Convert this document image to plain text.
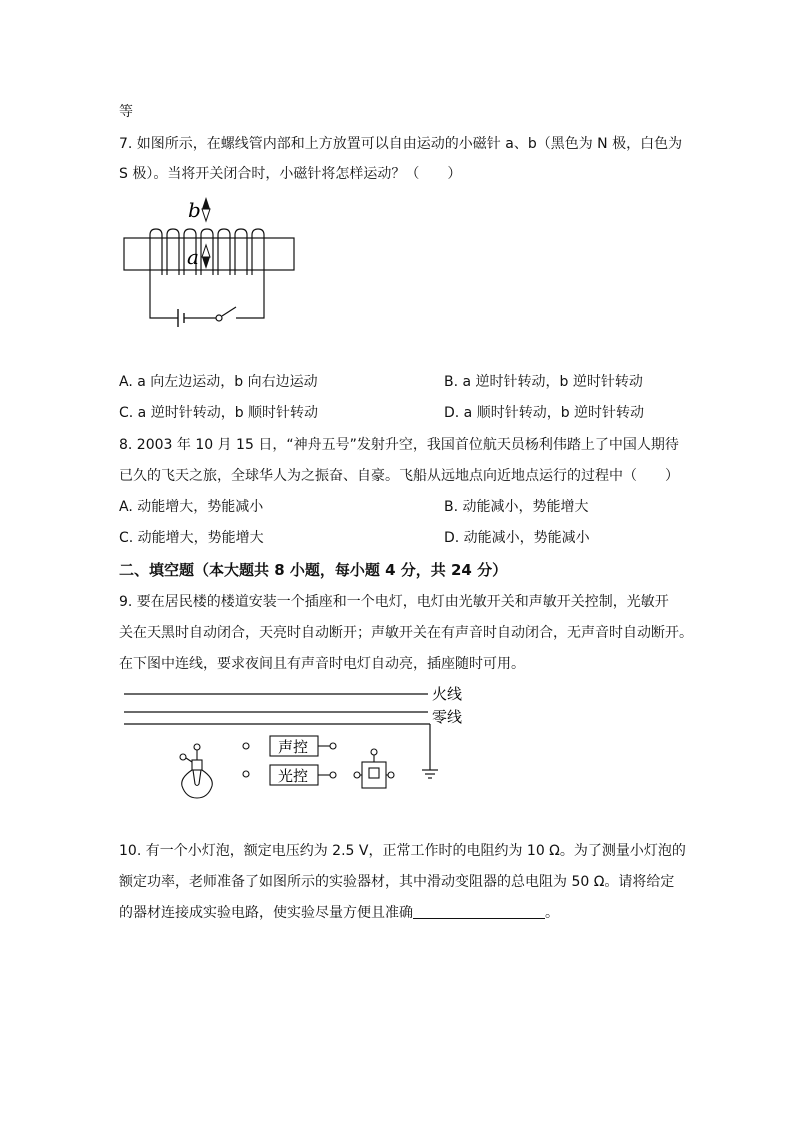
等
7. 如图所示，在螺线管内部和上方放置可以自由运动的小磁针 a、b（黑色为 N 极，白色为
S 极）。当将开关闭合时，小磁针将怎样运动？（　　）
b
a
A. a 向左边运动，b 向右边运动	B. a 逆时针转动，b 逆时针转动
C. a 逆时针转动，b 顺时针转动	D. a 顺时针转动，b 逆时针转动
8. 2003 年 10 月 15 日，“神舟五号”发射升空，我国首位航天员杨利伟踏上了中国人期待
已久的飞天之旅，全球华人为之振奋、自豪。飞船从远地点向近地点运行的过程中（　　）
A. 动能增大，势能减小	B. 动能减小，势能增大
C. 动能增大，势能增大	D. 动能减小，势能减小
二、填空题（本大题共 8 小题，每小题 4 分，共 24 分）
9. 要在居民楼的楼道安装一个插座和一个电灯，电灯由光敏开关和声敏开关控制，光敏开
关在天黑时自动闭合，天亮时自动断开；声敏开关在有声音时自动闭合，无声音时自动断开。
在下图中连线，要求夜间且有声音时电灯自动亮，插座随时可用。
火线
零线
声控
光控
10. 有一个小灯泡，额定电压约为 2.5 V，正常工作时的电阻约为 10 Ω。为了测量小灯泡的
额定功率，老师准备了如图所示的实验器材，其中滑动变阻器的总电阻为 50 Ω。请将给定
的器材连接成实验电路，使实验尽量方便且准确	。
